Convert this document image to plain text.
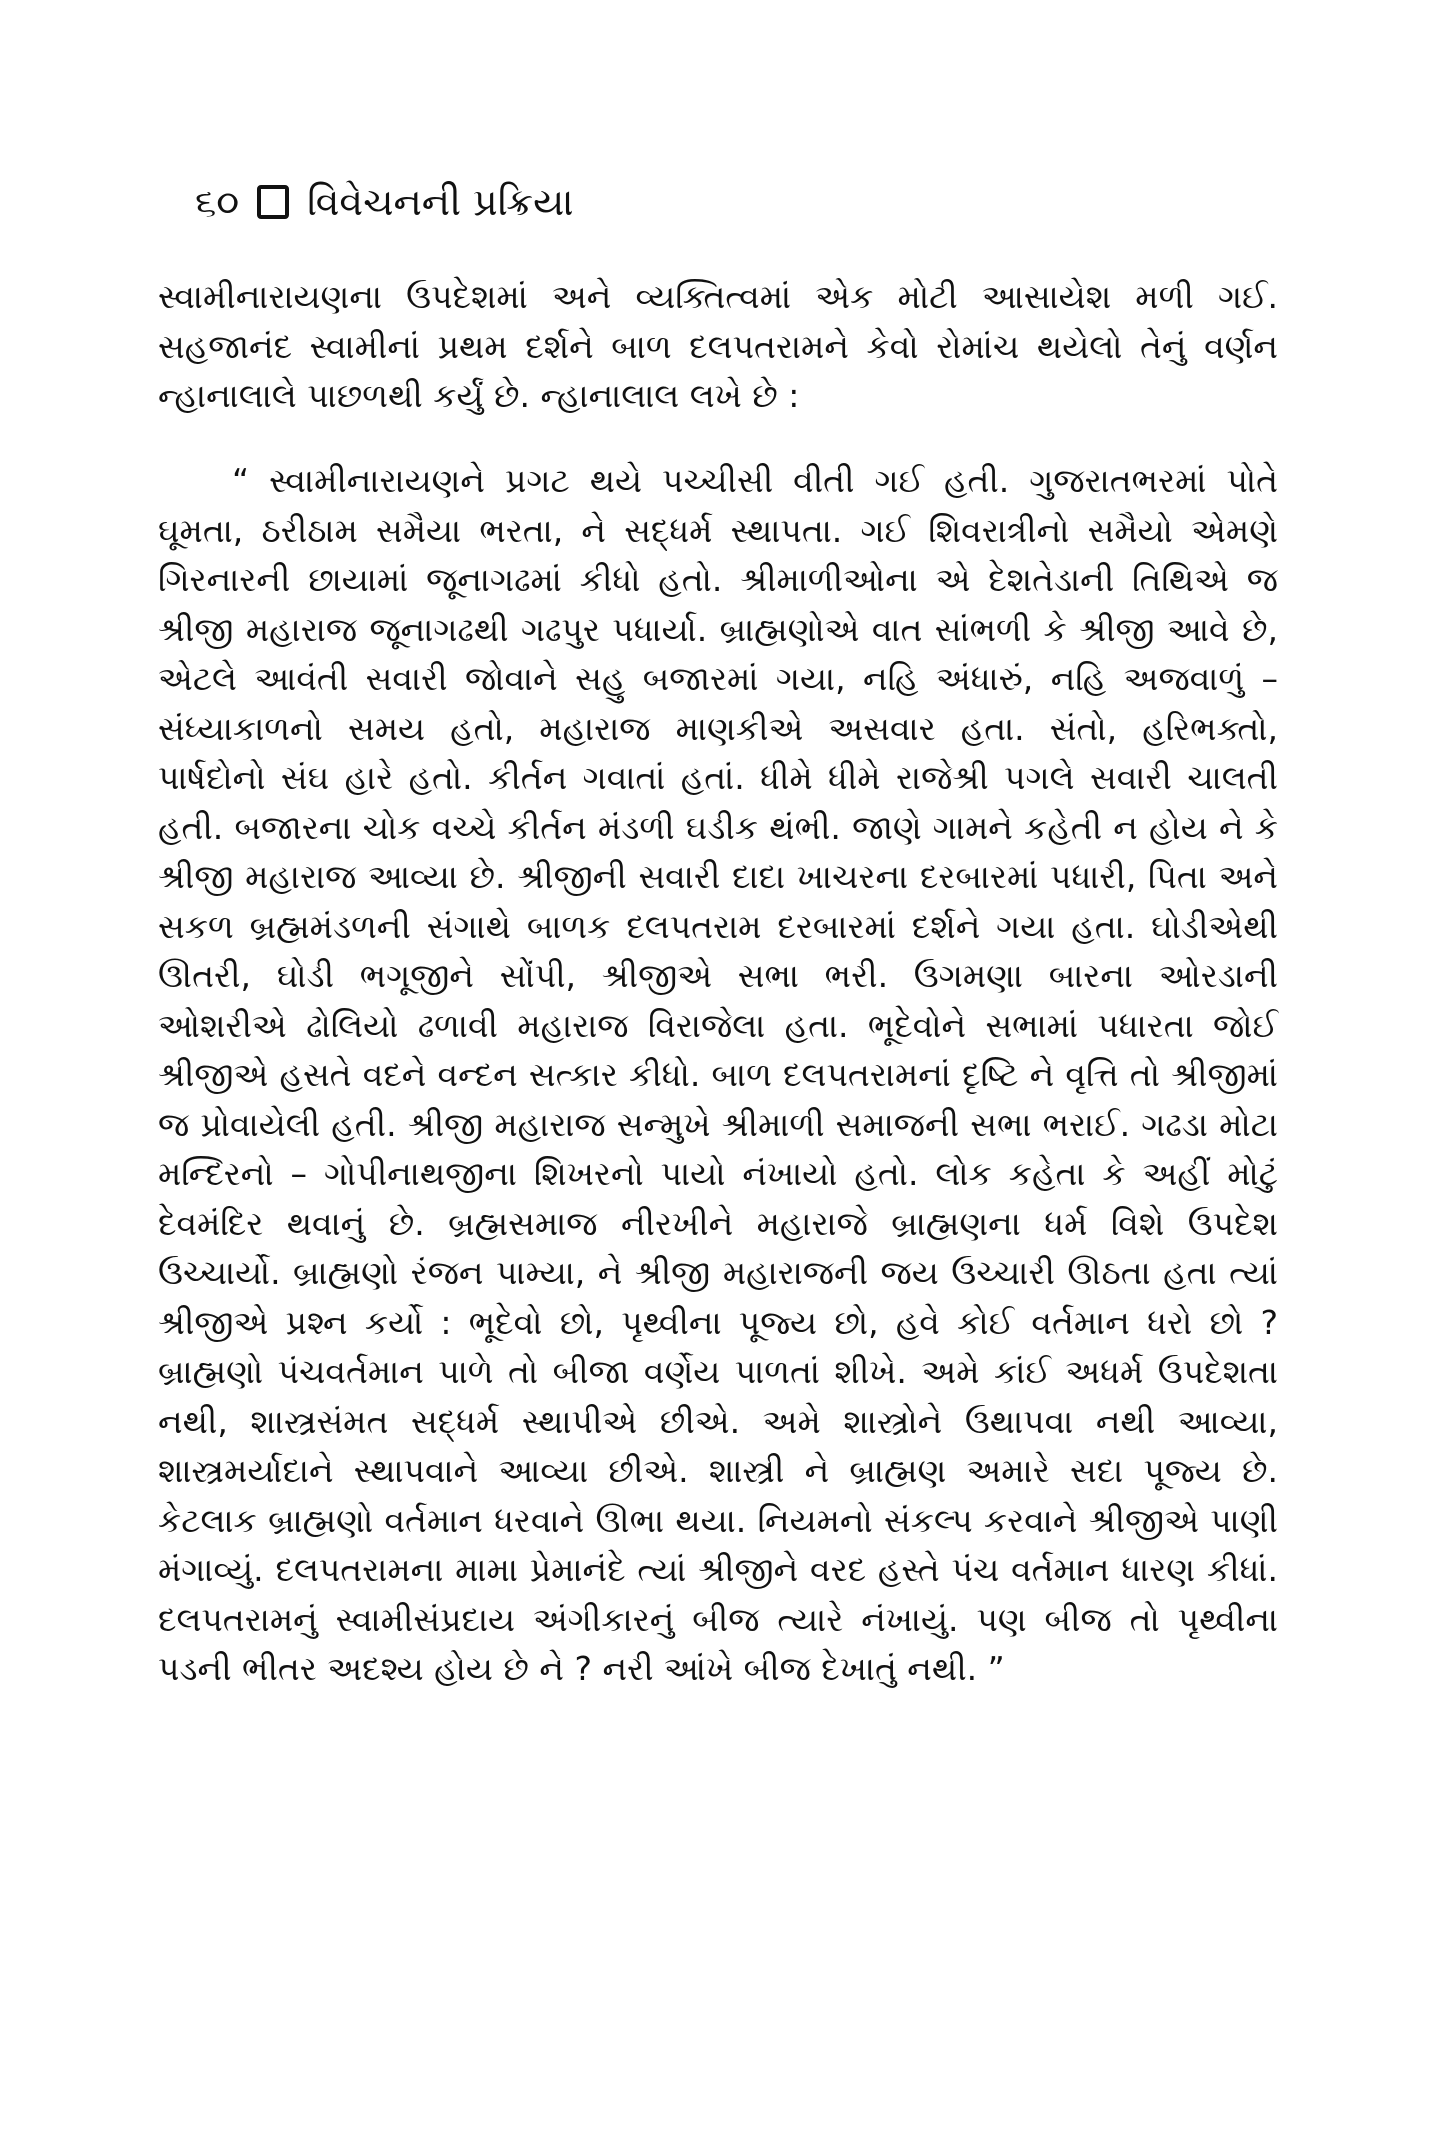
૬૦ વિવેચનની પ્રક્રિયા

સ્વામીનારાયણના ઉપદેશમાં અને વ્યક્તિત્વમાં એક મોટી આસાયેશ મળી ગઈ. સહજાનંદ સ્વામીનાં પ્રથમ દર્શને બાળ દલપતરામને કેવો રોમાંચ થયેલો તેનું વર્ણન ન્હાનાલાલે પાછળથી કર્યું છે. ન્હાનાલાલ લખે છે :

“ સ્વામીનારાયણને પ્રગટ થયે પચ્ચીસી વીતી ગઈ હતી. ગુજરાતભરમાં પોતે ઘૂમતા, ઠરીઠામ સમૈયા ભરતા, ને સદ્ધર્મ સ્થાપતા. ગઈ શિવરાત્રીનો સમૈયો એમણે ગિરનારની છાયામાં જૂનાગઢમાં કીધો હતો. શ્રીમાળીઓના એ દેશતેડાની તિથિએ જ શ્રીજી મહારાજ જૂનાગઢથી ગઢપુર પધાર્યા. બ્રાહ્મણોએ વાત સાંભળી કે શ્રીજી આવે છે, એટલે આવંતી સવારી જોવાને સહુ બજારમાં ગયા, નહિ અંધારું, નહિ અજવાળું – સંધ્યાકાળનો સમય હતો, મહારાજ માણકીએ અસવાર હતા. સંતો, હરિભક્તો, પાર્ષદોનો સંઘ હારે હતો. કીર્તન ગવાતાં હતાં. ધીમે ધીમે રાજેશ્રી પગલે સવારી ચાલતી હતી. બજારના ચોક વચ્ચે કીર્તન મંડળી ઘડીક થંભી. જાણે ગામને કહેતી ન હોય ને કે શ્રીજી મહારાજ આવ્યા છે. શ્રીજીની સવારી દાદા ખાચરના દરબારમાં પધારી, પિતા અને સકળ બ્રહ્મમંડળની સંગાથે બાળક દલપતરામ દરબારમાં દર્શને ગયા હતા. ઘોડીએથી ઊતરી, ઘોડી ભગૂજીને સોંપી, શ્રીજીએ સભા ભરી. ઉગમણા બારના ઓરડાની ઓશરીએ ઢોલિયો ઢળાવી મહારાજ વિરાજેલા હતા. ભૂદેવોને સભામાં પધારતા જોઈ શ્રીજીએ હસતે વદને વન્દન સત્કાર કીધો. બાળ દલપતરામનાં દૃષ્ટિ ને વૃત્તિ તો શ્રીજીમાં જ પ્રોવાયેલી હતી. શ્રીજી મહારાજ સન્મુખે શ્રીમાળી સમાજની સભા ભરાઈ. ગઢડા મોટા મન્દિરનો – ગોપીનાથજીના શિખરનો પાયો નંખાયો હતો. લોક કહેતા કે અહીં મોટું દેવમંદિર થવાનું છે. બ્રહ્મસમાજ નીરખીને મહારાજે બ્રાહ્મણના ધર્મ વિશે ઉપદેશ ઉચ્ચાર્યો. બ્રાહ્મણો રંજન પામ્યા, ને શ્રીજી મહારાજની જય ઉચ્ચારી ઊઠતા હતા ત્યાં શ્રીજીએ પ્રશ્ન કર્યો : ભૂદેવો છો, પૃથ્વીના પૂજ્ય છો, હવે કોઈ વર્તમાન ધરો છો ? બ્રાહ્મણો પંચવર્તમાન પાળે તો બીજા વર્ણેય પાળતાં શીખે. અમે કાંઈ અધર્મ ઉપદેશતા નથી, શાસ્ત્રસંમત સદ્ધર્મ સ્થાપીએ છીએ. અમે શાસ્ત્રોને ઉથાપવા નથી આવ્યા, શાસ્ત્રમર્યાદાને સ્થાપવાને આવ્યા છીએ. શાસ્ત્રી ને બ્રાહ્મણ અમારે સદા પૂજ્ય છે. કેટલાક બ્રાહ્મણો વર્તમાન ધરવાને ઊભા થયા. નિયમનો સંકલ્પ કરવાને શ્રીજીએ પાણી મંગાવ્યું. દલપતરામના મામા પ્રેમાનંદે ત્યાં શ્રીજીને વરદ હસ્તે પંચ વર્તમાન ધારણ કીધાં. દલપતરામનું સ્વામીસંપ્રદાય અંગીકારનું બીજ ત્યારે નંખાયું. પણ બીજ તો પૃથ્વીના પડની ભીતર અદશ્ય હોય છે ને ? નરી આંખે બીજ દેખાતું નથી. ”
